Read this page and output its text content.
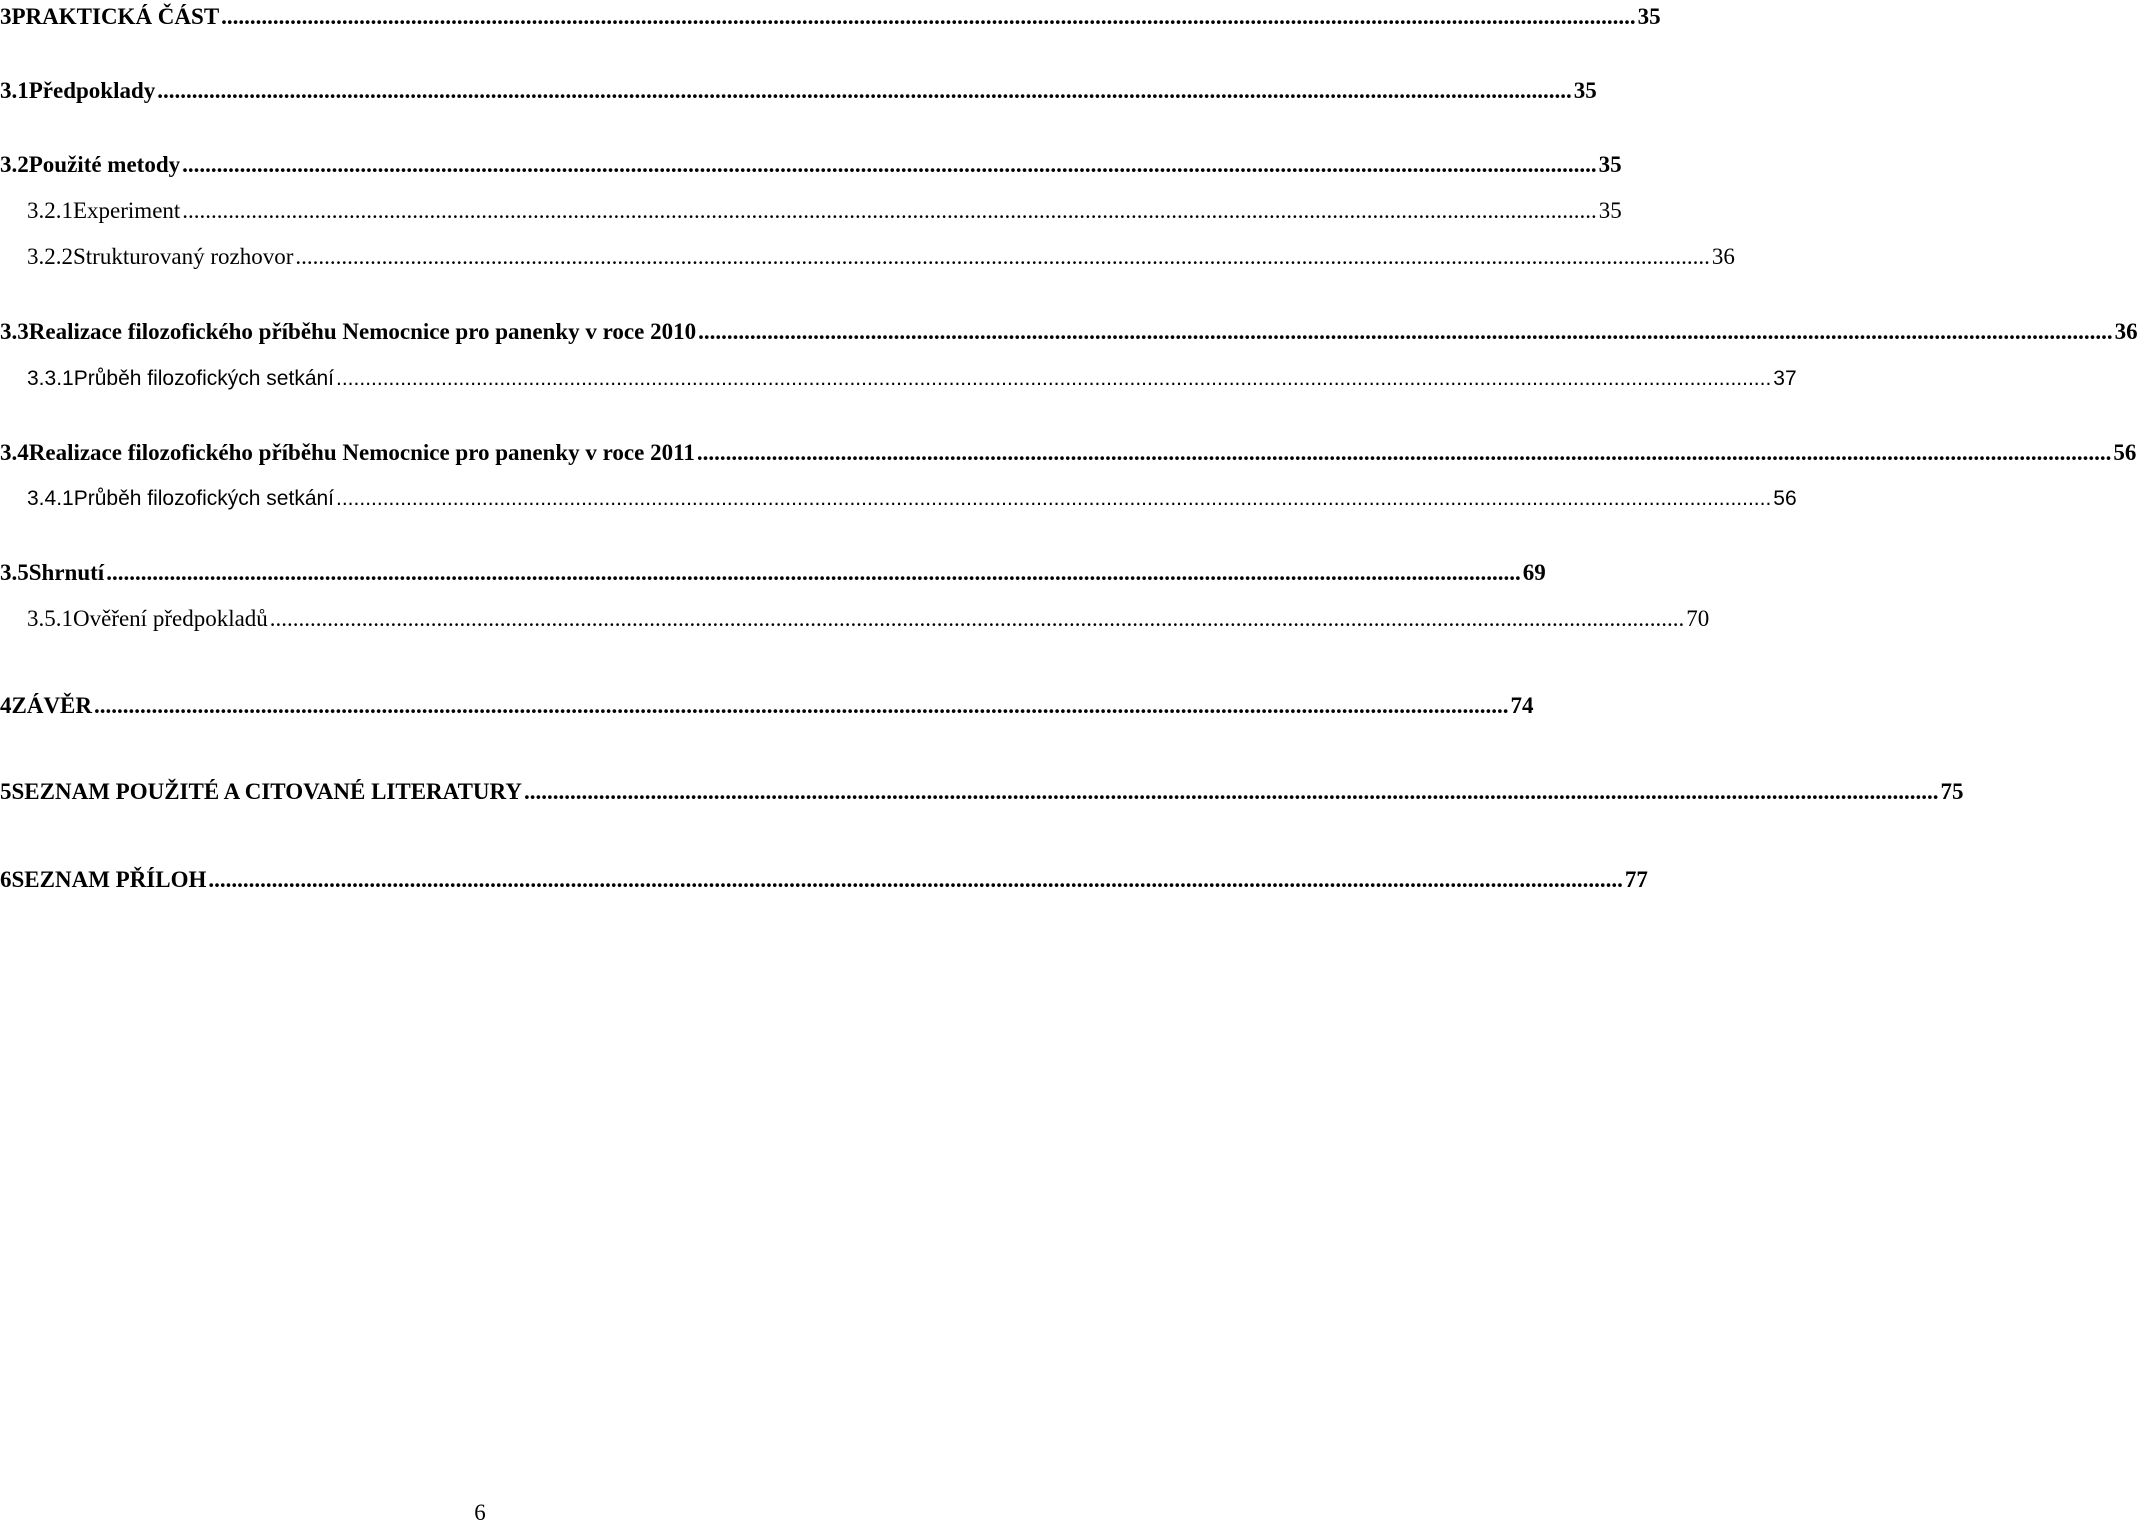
3 PRAKTICKÁ ČÁST .....	35
3.1 Předpoklady .....	35
3.2 Použité metody .....	35
3.2.1 Experiment .....	35
3.2.2 Strukturovaný rozhovor .....	36
3.3 Realizace filozofického příběhu Nemocnice pro panenky v roce 2010 .....	36
3.3.1 Průběh filozofických setkání .....	37
3.4 Realizace filozofického příběhu Nemocnice pro panenky v roce 2011 .....	56
3.4.1 Průběh filozofických setkání .....	56
3.5 Shrnutí .....	69
3.5.1 Ověření předpokladů .....	70
4 ZÁVĚR .....	74
5 SEZNAM POUŽITÉ A CITOVANÉ LITERATURY .....	75
6 SEZNAM PŘÍLOH .....	77
6
